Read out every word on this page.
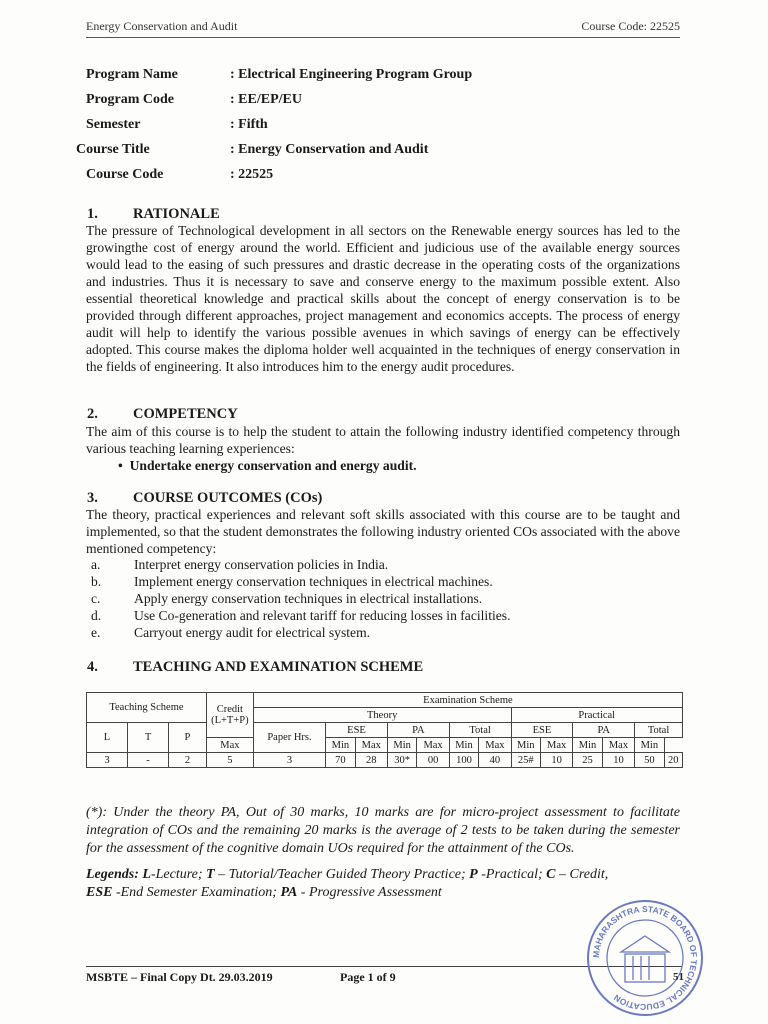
Energy Conservation and Audit	Course Code: 22525
Program Name	: Electrical Engineering Program Group
Program Code	: EE/EP/EU
Semester	: Fifth
Course Title	: Energy Conservation and Audit
Course Code	: 22525
1.	RATIONALE
The pressure of Technological development in all sectors on the Renewable energy sources has led to the growingthe cost of energy around the world. Efficient and judicious use of the available energy sources would lead to the easing of such pressures and drastic decrease in the operating costs of the organizations and industries. Thus it is necessary to save and conserve energy to the maximum possible extent. Also essential theoretical knowledge and practical skills about the concept of energy conservation is to be provided through different approaches, project management and economics accepts. The process of energy audit will help to identify the various possible avenues in which savings of energy can be effectively adopted. This course makes the diploma holder well acquainted in the techniques of energy conservation in the fields of engineering. It also introduces him to the energy audit procedures.
2.	COMPETENCY
The aim of this course is to help the student to attain the following industry identified competency through various teaching learning experiences:
•  Undertake energy conservation and energy audit.
3.	COURSE OUTCOMES (COs)
The theory, practical experiences and relevant soft skills associated with this course are to be taught and implemented, so that the student demonstrates the following industry oriented COs associated with the above mentioned competency:
a.	Interpret energy conservation policies in India.
b.	Implement energy conservation techniques in electrical machines.
c.	Apply energy conservation techniques in electrical installations.
d.	Use Co-generation and relevant tariff for reducing losses in facilities.
e.	Carryout energy audit for electrical system.
4.	TEACHING AND EXAMINATION SCHEME
Teaching Scheme			Credit (L+T+P)	Examination Scheme												
				Theory							Practical					
L	T	P		Paper Hrs.	ESE		PA		Total		ESE		PA		Total	
			Max		Min	Max	Min	Max	Min	Max	Min	Max	Min	Max	Min	
3	-	2	5	3	70	28	30*	00	100	40	25#	10	25	10	50	20
(*): Under the theory PA, Out of 30 marks, 10 marks are for micro-project assessment to facilitate integration of COs and the remaining 20 marks is the average of 2 tests to be taken during the semester for the assessment of the cognitive domain UOs required for the attainment of the COs.
Legends: L-Lecture; T – Tutorial/Teacher Guided Theory Practice; P -Practical; C – Credit,
ESE -End Semester Examination; PA - Progressive Assessment
MSBTE – Final Copy Dt. 29.03.2019	Page 1 of 9
MAHARASHTRA STATE BOARD OF TECHNICAL EDUCATION
51
